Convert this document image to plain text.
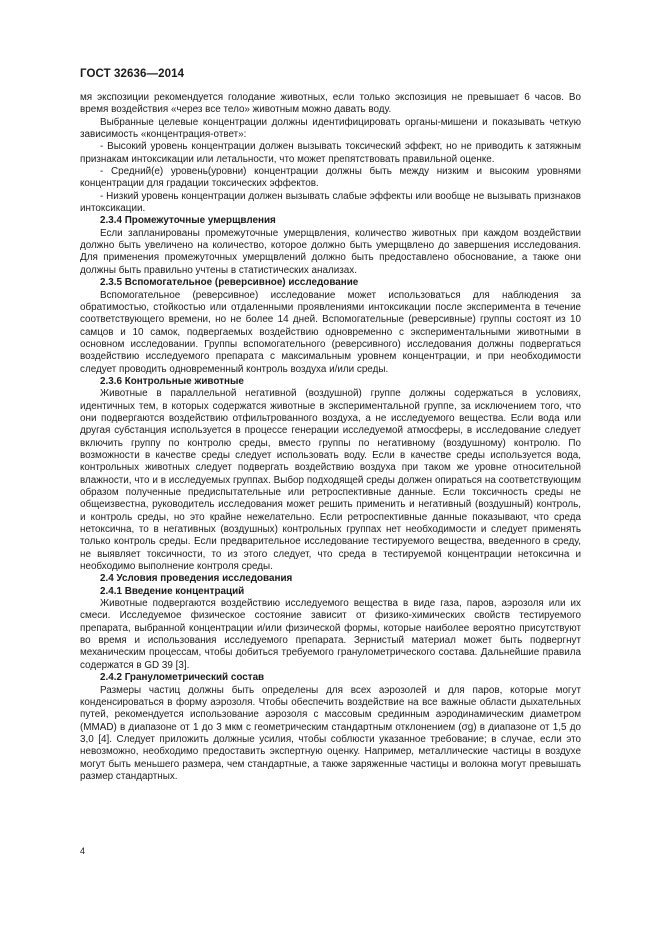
ГОСТ 32636—2014

мя экспозиции рекомендуется голодание животных, если только экспозиция не превышает 6 часов. Во время воздействия «через все тело» животным можно давать воду.

Выбранные целевые концентрации должны идентифицировать органы-мишени и показывать четкую зависимость «концентрация-ответ»:

- Высокий уровень концентрации должен вызывать токсический эффект, но не приводить к затяжным признакам интоксикации или летальности, что может препятствовать правильной оценке.

- Средний(е) уровень(уровни) концентрации должны быть между низким и высоким уровнями концентрации для градации токсических эффектов.

- Низкий уровень концентрации должен вызывать слабые эффекты или вообще не вызывать признаков интоксикации.

2.3.4 Промежуточные умерщвления

Если запланированы промежуточные умерщвления, количество животных при каждом воздействии должно быть увеличено на количество, которое должно быть умерщвлено до завершения исследования. Для применения промежуточных умерщвлений должно быть предоставлено обоснование, а также они должны быть правильно учтены в статистических анализах.

2.3.5 Вспомогательное (реверсивное) исследование

Вспомогательное (реверсивное) исследование может использоваться для наблюдения за обратимостью, стойкостью или отдаленными проявлениями интоксикации после эксперимента в течение соответствующего времени, но не более 14 дней. Вспомогательные (реверсивные) группы состоят из 10 самцов и 10 самок, подвергаемых воздействию одновременно с экспериментальными животными в основном исследовании. Группы вспомогательного (реверсивного) исследования должны подвергаться воздействию исследуемого препарата с максимальным уровнем концентрации, и при необходимости следует проводить одновременный контроль воздуха и/или среды.

2.3.6 Контрольные животные

Животные в параллельной негативной (воздушной) группе должны содержаться в условиях, идентичных тем, в которых содержатся животные в экспериментальной группе, за исключением того, что они подвергаются воздействию отфильтрованного воздуха, а не исследуемого вещества. Если вода или другая субстанция используется в процессе генерации исследуемой атмосферы, в исследование следует включить группу по контролю среды, вместо группы по негативному (воздушному) контролю. По возможности в качестве среды следует использовать воду. Если в качестве среды используется вода, контрольных животных следует подвергать воздействию воздуха при таком же уровне относительной влажности, что и в исследуемых группах. Выбор подходящей среды должен опираться на соответствующим образом полученные предиспытательные или ретроспективные данные. Если токсичность среды не общеизвестна, руководитель исследования может решить применить и негативный (воздушный) контроль, и контроль среды, но это крайне нежелательно. Если ретроспективные данные показывают, что среда нетоксична, то в негативных (воздушных) контрольных группах нет необходимости и следует применять только контроль среды. Если предварительное исследование тестируемого вещества, введенного в среду, не выявляет токсичности, то из этого следует, что среда в тестируемой концентрации нетоксична и необходимо выполнение контроля среды.

2.4 Условия проведения исследования
2.4.1 Введение концентраций

Животные подвергаются воздействию исследуемого вещества в виде газа, паров, аэрозоля или их смеси. Исследуемое физическое состояние зависит от физико-химических свойств тестируемого препарата, выбранной концентрации и/или физической формы, которые наиболее вероятно присутствуют во время и использования исследуемого препарата. Зернистый материал может быть подвергнут механическим процессам, чтобы добиться требуемого гранулометрического состава. Дальнейшие правила содержатся в GD 39 [3].

2.4.2 Гранулометрический состав

Размеры частиц должны быть определены для всех аэрозолей и для паров, которые могут конденсироваться в форму аэрозоля. Чтобы обеспечить воздействие на все важные области дыхательных путей, рекомендуется использование аэрозоля с массовым срединным аэродинамическим диаметром (MMAD) в диапазоне от 1 до 3 мкм с геометрическим стандартным отклонением (σg) в диапазоне от 1,5 до 3,0 [4]. Следует приложить должные усилия, чтобы соблюсти указанное требование; в случае, если это невозможно, необходимо предоставить экспертную оценку. Например, металлические частицы в воздухе могут быть меньшего размера, чем стандартные, а также заряженные частицы и волокна могут превышать размер стандартных.

4
